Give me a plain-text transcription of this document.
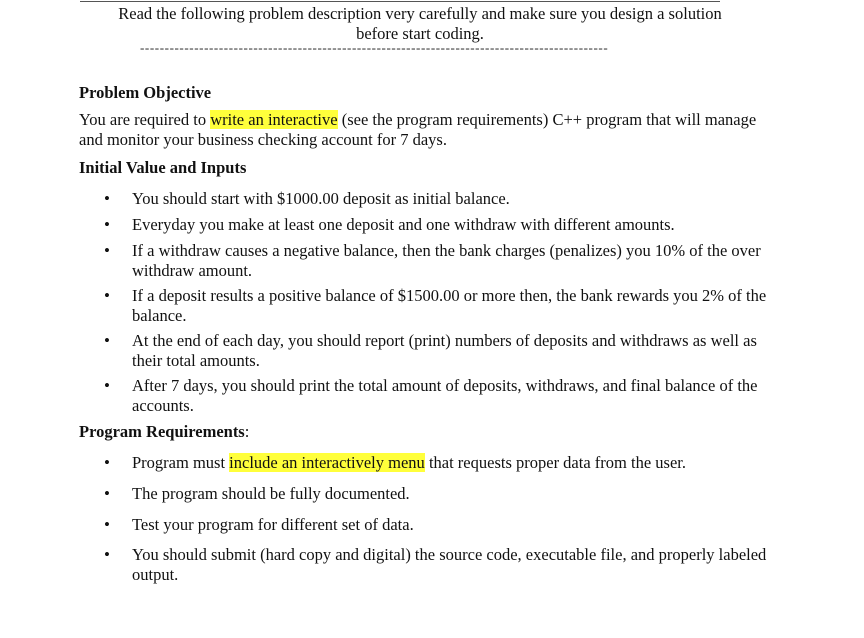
Read the following problem description very carefully and make sure you design a solution
before start coding.
-----------------------------------------------------------------------------------------------
Problem Objective
You are required to write an interactive (see the program requirements) C++ program that will manage and monitor your business checking account for 7 days.
Initial Value and Inputs
• You should start with $1000.00 deposit as initial balance.
• Everyday you make at least one deposit and one withdraw with different amounts.
• If a withdraw causes a negative balance, then the bank charges (penalizes) you 10% of the over withdraw amount.
• If a deposit results a positive balance of $1500.00 or more then, the bank rewards you 2% of the balance.
• At the end of each day, you should report (print) numbers of deposits and withdraws as well as their total amounts.
• After 7 days, you should print the total amount of deposits, withdraws, and final balance of the accounts.
Program Requirements:
• Program must include an interactively menu that requests proper data from the user.
• The program should be fully documented.
• Test your program for different set of data.
• You should submit (hard copy and digital) the source code, executable file, and properly labeled output.
